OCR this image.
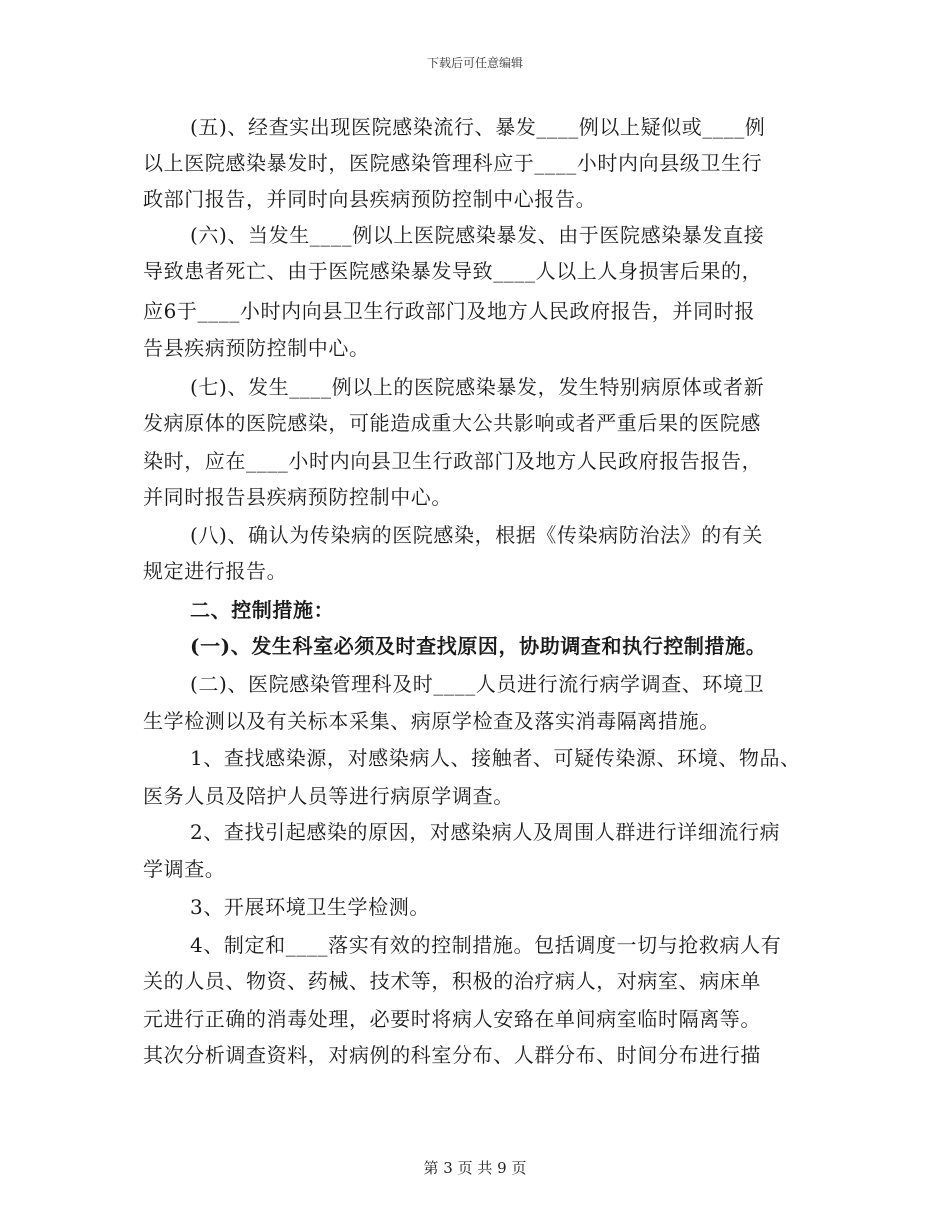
下载后可任意编辑
(五)、经查实出现医院感染流行、暴发____例以上疑似或____例
以上医院感染暴发时，医院感染管理科应于____小时内向县级卫生行
政部门报告，并同时向县疾病预防控制中心报告。
(六)、当发生____例以上医院感染暴发、由于医院感染暴发直接
导致患者死亡、由于医院感染暴发导致____人以上人身损害后果的，
应6于____小时内向县卫生行政部门及地方人民政府报告，并同时报
告县疾病预防控制中心。
(七)、发生____例以上的医院感染暴发，发生特别病原体或者新
发病原体的医院感染，可能造成重大公共影响或者严重后果的医院感
染时，应在____小时内向县卫生行政部门及地方人民政府报告报告，
并同时报告县疾病预防控制中心。
(八)、确认为传染病的医院感染，根据《传染病防治法》的有关
规定进行报告。
二、控制措施：
(一)、发生科室必须及时查找原因，协助调查和执行控制措施。
(二)、医院感染管理科及时____人员进行流行病学调查、环境卫
生学检测以及有关标本采集、病原学检查及落实消毒隔离措施。
1、查找感染源，对感染病人、接触者、可疑传染源、环境、物品、
医务人员及陪护人员等进行病原学调查。
2、查找引起感染的原因，对感染病人及周围人群进行详细流行病
学调查。
3、开展环境卫生学检测。
4、制定和____落实有效的控制措施。包括调度一切与抢救病人有
关的人员、物资、药械、技术等，积极的治疗病人，对病室、病床单
元进行正确的消毒处理，必要时将病人安臵在单间病室临时隔离等。
其次分析调查资料，对病例的科室分布、人群分布、时间分布进行描
第 3 页 共 9 页
